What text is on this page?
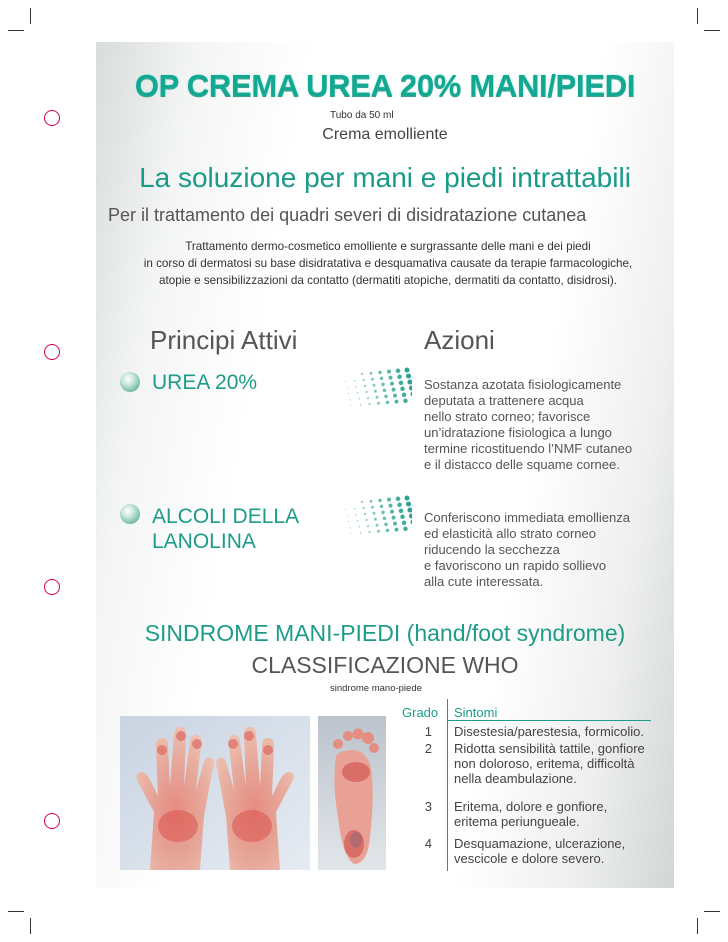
OP CREMA UREA 20% MANI/PIEDI
Tubo da 50 ml
Crema emolliente
La soluzione per mani e piedi intrattabili
Per il trattamento dei quadri severi di disidratazione cutanea
Trattamento dermo-cosmetico emolliente e surgrassante delle mani e dei piedi
in corso di dermatosi su base disidratativa e desquamativa causate da terapie farmacologiche,
atopie e sensibilizzazioni da contatto (dermatiti atopiche, dermatiti da contatto, disidrosi).
Principi Attivi	Azioni
UREA 20%	Sostanza azotata fisiologicamente
deputata a trattenere acqua
nello strato corneo; favorisce
un’idratazione fisiologica a lungo
termine ricostituendo l’NMF cutaneo
e il distacco delle squame cornee.
ALCOLI DELLA
LANOLINA
Conferiscono immediata emollienza
ed elasticità allo strato corneo
riducendo la secchezza
e favoriscono un rapido sollievo
alla cute interessata.
SINDROME MANI-PIEDI (hand/foot syndrome)
CLASSIFICAZIONE WHO
sindrome mano-piede
Grado Sintomi
1 Disestesia/parestesia, formicolio.
2 Ridotta sensibilità tattile, gonfiore
non doloroso, eritema, difficoltà
nella deambulazione.
3 Eritema, dolore e gonfiore,
eritema periungueale.
4 Desquamazione, ulcerazione,
vescicole e dolore severo.
